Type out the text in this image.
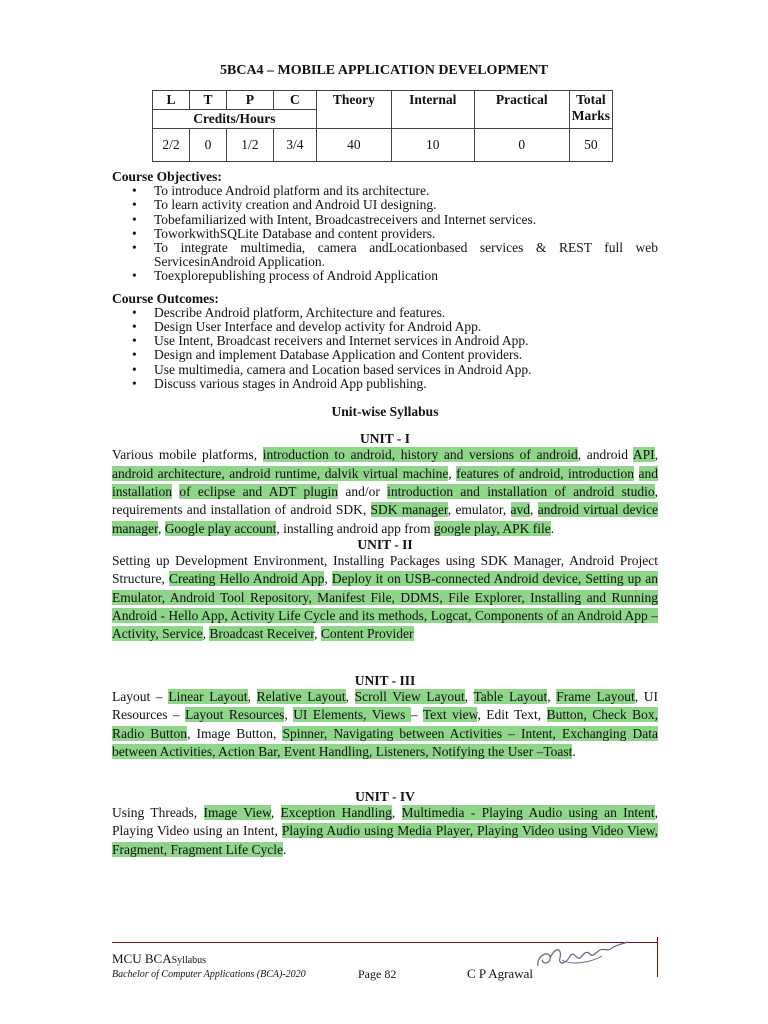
5BCA4 – MOBILE APPLICATION DEVELOPMENT
L	T	P	C	Theory	Internal	Practical	Total
Marks
Credits/Hours							
2/2	0	1/2	3/4	40	10	0	50
Course Objectives:
• To introduce Android platform and its architecture.
• To learn activity creation and Android UI designing.
• Tobefamiliarized with Intent, Broadcastreceivers and Internet services.
• ToworkwithSQLite Database and content providers.
• To integrate multimedia, camera andLocationbased services & REST full web ServicesinAndroid Application.
• Toexplorepublishing process of Android Application
Course Outcomes:
• Describe Android platform, Architecture and features.
• Design User Interface and develop activity for Android App.
• Use Intent, Broadcast receivers and Internet services in Android App.
• Design and implement Database Application and Content providers.
• Use multimedia, camera and Location based services in Android App.
• Discuss various stages in Android App publishing.
Unit-wise Syllabus
UNIT - I
Various mobile platforms, introduction to android, history and versions of android, android API, android architecture, android runtime, dalvik virtual machine, features of android, introduction and installation of eclipse and ADT plugin and/or introduction and installation of android studio, requirements and installation of android SDK, SDK manager, emulator, avd, android virtual device manager, Google play account, installing android app from google play, APK file.
UNIT - II
Setting up Development Environment, Installing Packages using SDK Manager, Android Project Structure, Creating Hello Android App, Deploy it on USB-connected Android device, Setting up an Emulator, Android Tool Repository, Manifest File, DDMS, File Explorer, Installing and Running Android - Hello App, Activity Life Cycle and its methods, Logcat, Components of an Android App – Activity, Service, Broadcast Receiver, Content Provider
UNIT - III
Layout – Linear Layout, Relative Layout, Scroll View Layout, Table Layout, Frame Layout, UI Resources – Layout Resources, UI Elements, Views – Text view, Edit Text, Button, Check Box, Radio Button, Image Button, Spinner, Navigating between Activities – Intent, Exchanging Data between Activities, Action Bar, Event Handling, Listeners, Notifying the User –Toast.
UNIT - IV
Using Threads, Image View, Exception Handling, Multimedia - Playing Audio using an Intent, Playing Video using an Intent, Playing Audio using Media Player, Playing Video using Video View, Fragment, Fragment Life Cycle.
MCU BCASyllabus
Bachelor of Computer Applications (BCA)-2020	Page 82	C P Agrawal
